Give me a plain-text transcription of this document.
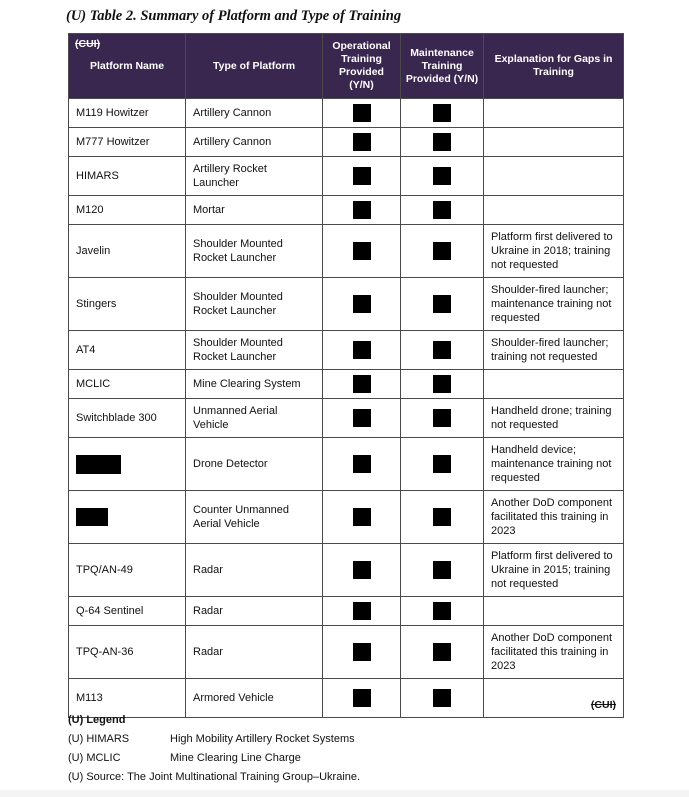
(U) Table 2. Summary of Platform and Type of Training
(CUI)
Platform Name	Type of Platform	Operational Training Provided (Y/N)	Maintenance Training Provided (Y/N)	Explanation for Gaps in Training
M119 Howitzer	Artillery Cannon			
M777 Howitzer	Artillery Cannon			
HIMARS	Artillery Rocket Launcher			
M120	Mortar			
Javelin	Shoulder Mounted Rocket Launcher			Platform first delivered to Ukraine in 2018; training not requested
Stingers	Shoulder Mounted Rocket Launcher			Shoulder-fired launcher; maintenance training not requested
AT4	Shoulder Mounted Rocket Launcher			Shoulder-fired launcher; training not requested
MCLIC	Mine Clearing System			
Switchblade 300	Unmanned Aerial Vehicle			Handheld drone; training not requested
	Drone Detector			Handheld device; maintenance training not requested
	Counter Unmanned Aerial Vehicle			Another DoD component facilitated this training in 2023
TPQ/AN-49	Radar			Platform first delivered to Ukraine in 2015; training not requested
Q-64 Sentinel	Radar			
TPQ-AN-36	Radar			Another DoD component facilitated this training in 2023
M113	Armored Vehicle			(CUI)
(U) Legend
(U) HIMARS	High Mobility Artillery Rocket Systems
(U) MCLIC	Mine Clearing Line Charge
(U) Source: The Joint Multinational Training Group–Ukraine.
